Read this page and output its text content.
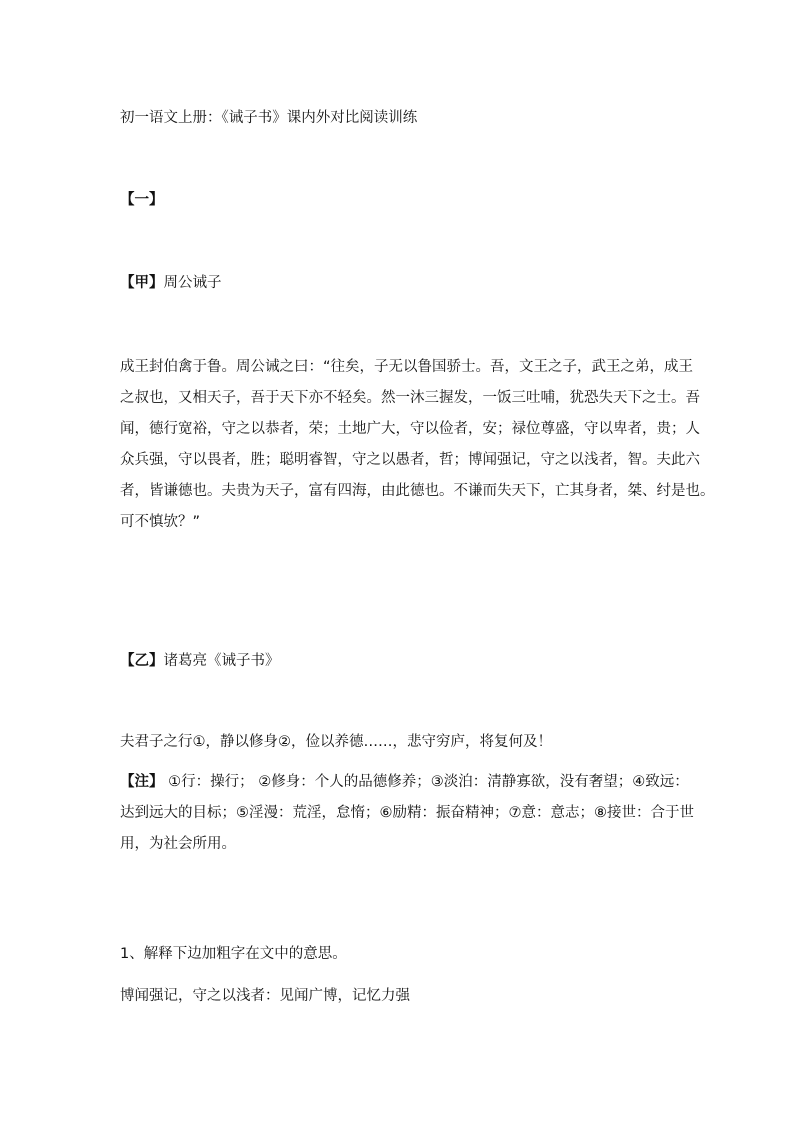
初一语文上册：《诫子书》课内外对比阅读训练
【一】
【甲】周公诫子
成王封伯禽于鲁。周公诫之曰：“往矣，子无以鲁国骄士。吾，文王之子，武王之弟，成王
之叔也，又相天子，吾于天下亦不轻矣。然一沐三握发，一饭三吐哺，犹恐失天下之士。吾
闻，德行宽裕，守之以恭者，荣；土地广大，守以俭者，安；禄位尊盛，守以卑者，贵；人
众兵强，守以畏者，胜；聪明睿智，守之以愚者，哲；博闻强记，守之以浅者，智。夫此六
者，皆谦德也。夫贵为天子，富有四海，由此德也。不谦而失天下，亡其身者，桀、纣是也。
可不慎欤？”
【乙】诸葛亮《诫子书》
夫君子之行①，静以修身②，俭以养德……，悲守穷庐，将复何及！
【注】 ①行：操行； ②修身：个人的品德修养；③淡泊：清静寡欲，没有奢望；④致远：
达到远大的目标；⑤淫漫：荒淫，怠惰；⑥励精：振奋精神；⑦意：意志；⑧接世：合于世
用，为社会所用。
1、解释下边加粗字在文中的意思。
博闻强记，守之以浅者：见闻广博，记忆力强
